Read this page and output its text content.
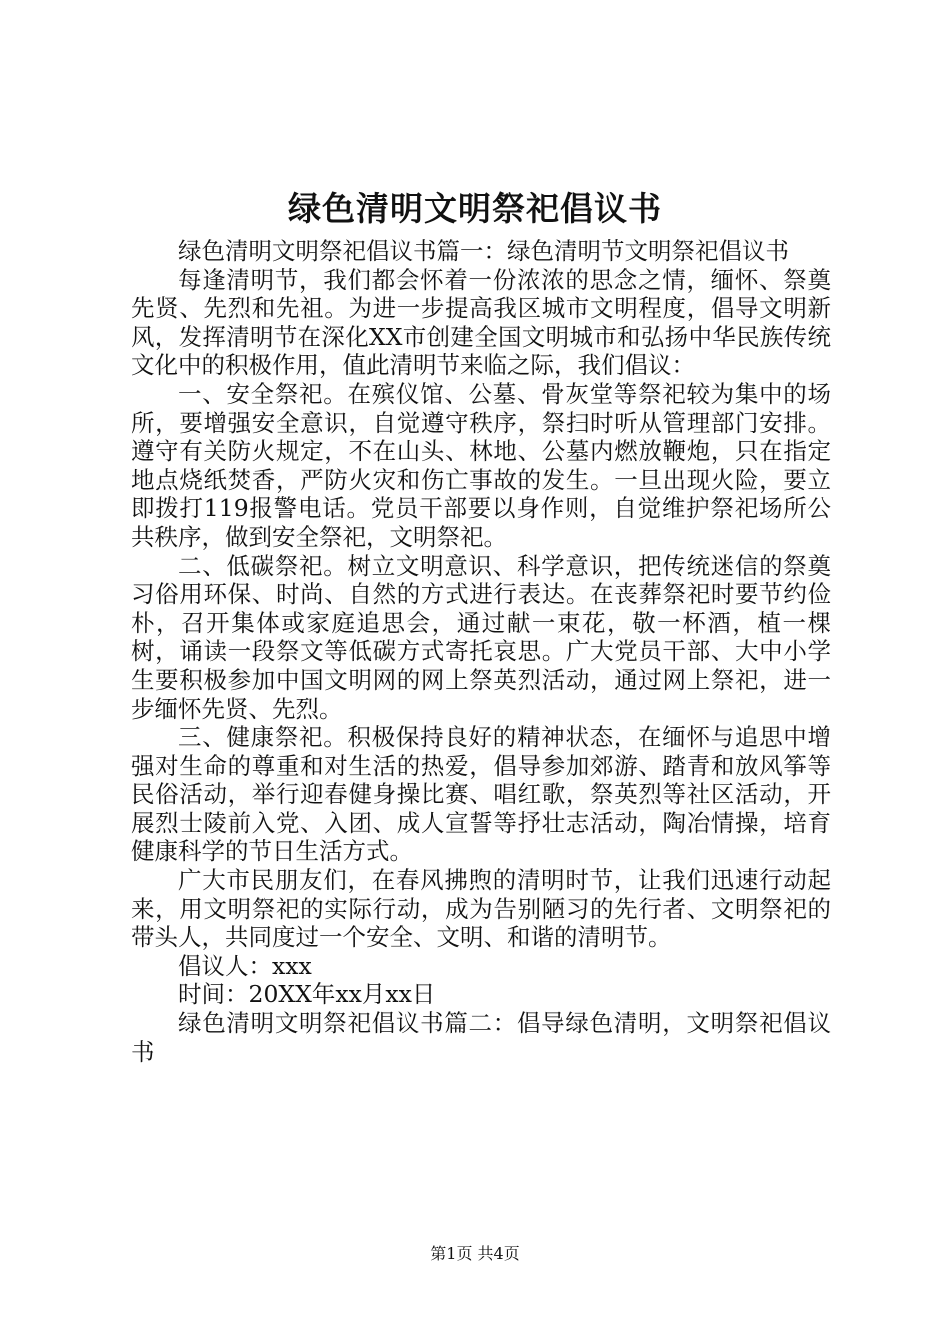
绿色清明文明祭祀倡议书

绿色清明文明祭祀倡议书篇一：绿色清明节文明祭祀倡议书

每逢清明节，我们都会怀着一份浓浓的思念之情，缅怀、祭奠先贤、先烈和先祖。为进一步提高我区城市文明程度，倡导文明新风，发挥清明节在深化XX市创建全国文明城市和弘扬中华民族传统文化中的积极作用，值此清明节来临之际，我们倡议：

一、安全祭祀。在殡仪馆、公墓、骨灰堂等祭祀较为集中的场所，要增强安全意识，自觉遵守秩序，祭扫时听从管理部门安排。遵守有关防火规定，不在山头、林地、公墓内燃放鞭炮，只在指定地点烧纸焚香，严防火灾和伤亡事故的发生。一旦出现火险，要立即拨打119报警电话。党员干部要以身作则，自觉维护祭祀场所公共秩序，做到安全祭祀，文明祭祀。

二、低碳祭祀。树立文明意识、科学意识，把传统迷信的祭奠习俗用环保、时尚、自然的方式进行表达。在丧葬祭祀时要节约俭朴，召开集体或家庭追思会，通过献一束花，敬一杯酒，植一棵树，诵读一段祭文等低碳方式寄托哀思。广大党员干部、大中小学生要积极参加中国文明网的网上祭英烈活动，通过网上祭祀，进一步缅怀先贤、先烈。

三、健康祭祀。积极保持良好的精神状态，在缅怀与追思中增强对生命的尊重和对生活的热爱，倡导参加郊游、踏青和放风筝等民俗活动，举行迎春健身操比赛、唱红歌，祭英烈等社区活动，开展烈士陵前入党、入团、成人宣誓等抒壮志活动，陶冶情操，培育健康科学的节日生活方式。

广大市民朋友们，在春风拂煦的清明时节，让我们迅速行动起来，用文明祭祀的实际行动，成为告别陋习的先行者、文明祭祀的带头人，共同度过一个安全、文明、和谐的清明节。

倡议人：xxx

时间：20XX年xx月xx日

绿色清明文明祭祀倡议书篇二：倡导绿色清明，文明祭祀倡议书

第1页 共4页
